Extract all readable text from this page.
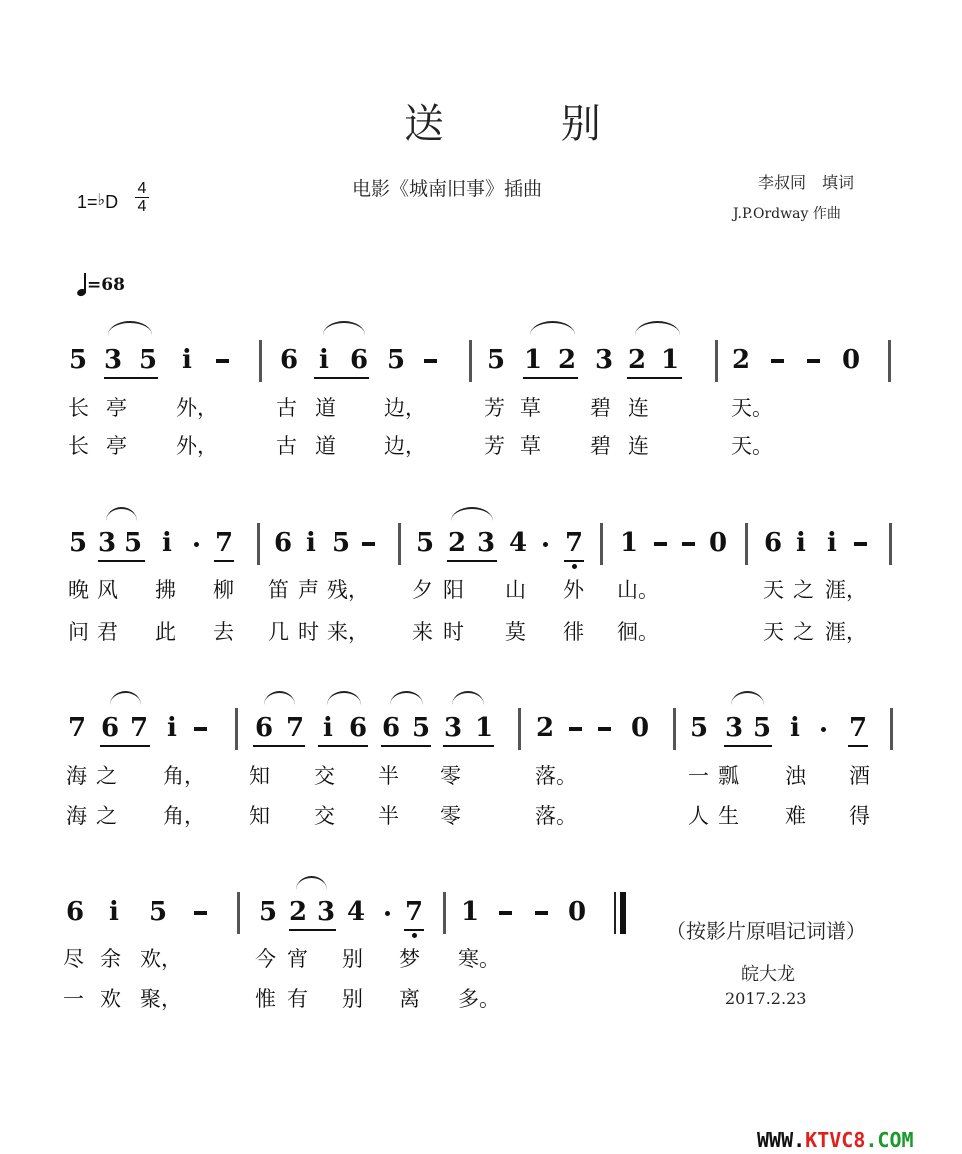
送 别
电影《城南旧事》插曲
1=♭D
4
4
=68
李叔同　填词
J.P.Ordway 作曲
5 3 5 i	6 i 6 5	5 1 2 3 2 1 2	0
长 亭 外，	古 道 边，	芳 草 碧 连	天。
长 亭 外，	古 道 边，	芳 草 碧 连	天。
5 3 5 i 7 6 i 5	5 2 3 4 7 1	0 6 i i
晚 风 拂 柳 笛 声 残， 夕 阳 山 外 山。	天 之 涯，
问 君 此 去 几 时 来， 来 时 莫 徘 徊。	天 之 涯，
7 6 7 i	6 7 i 6 6 5 3 1 2	0 5 3 5 i 7
海 之 角， 知 交 半 零	落。	一 瓢 浊 酒
海 之 角， 知 交 半 零	落。	人 生 难 得
6 i 5	5 2 3 4 7 1	0
尽 余 欢，	今 宵 别 梦 寒。
一 欢 聚，	惟 有 别 离 多。
（按影片原唱记词谱）
皖大龙
2017.2.23
WWW.KTVC8.COM
